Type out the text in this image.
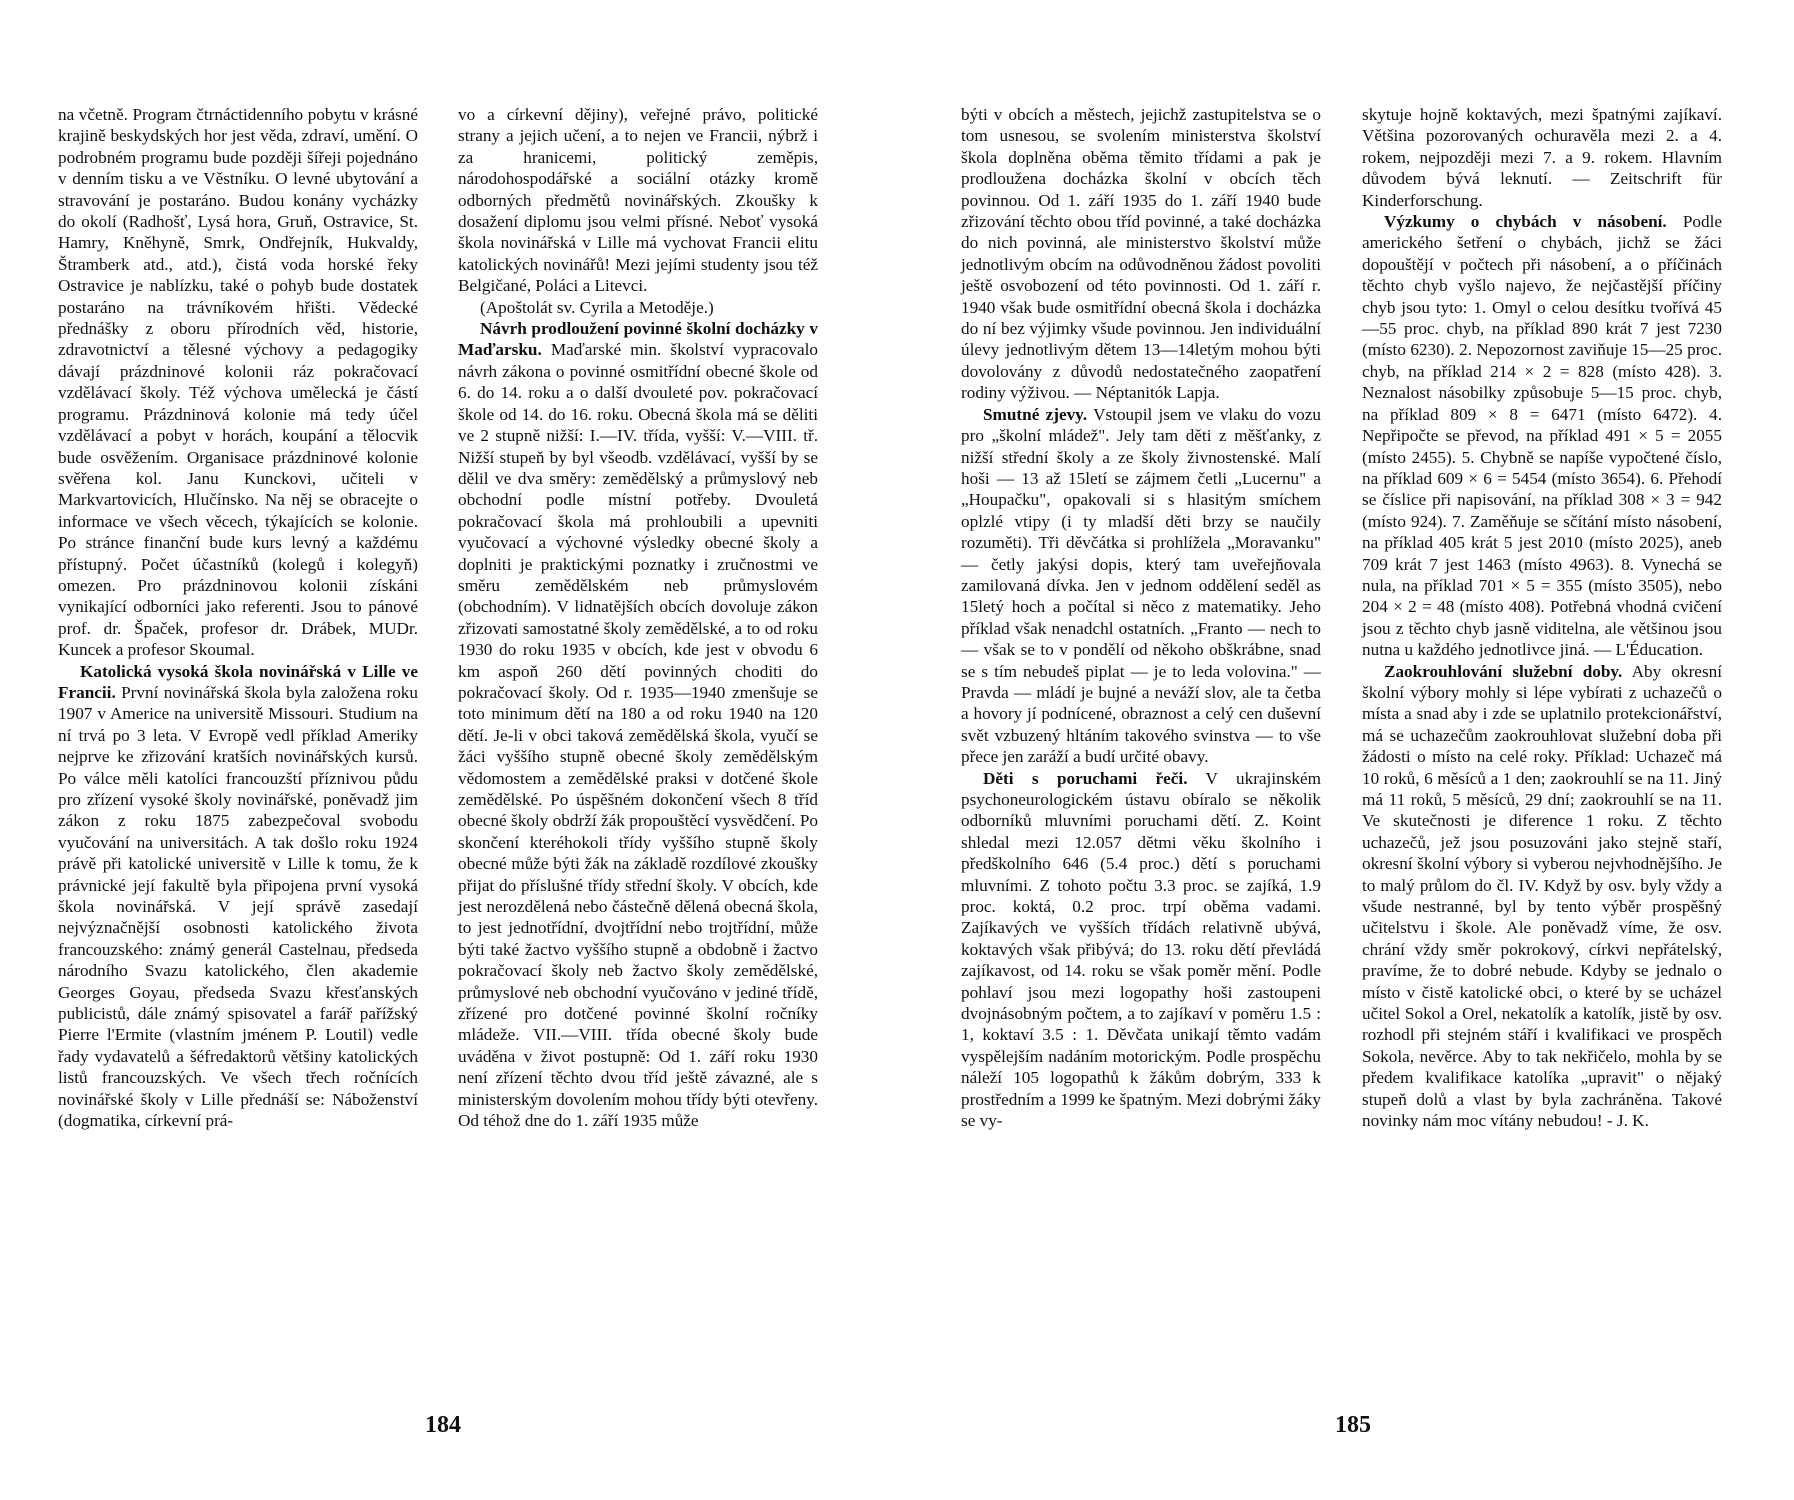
na včetně. Program čtrnáctidenního pobytu v krásné krajině beskydských hor jest věda, zdraví, umění. O podrobném programu bude později šířeji pojednáno v denním tisku a ve Věstníku. O levné ubytování a stravování je postaráno. Budou konány vycházky do okolí (Radhošť, Lysá hora, Gruň, Ostravice, St. Hamry, Kněhyně, Smrk, Ondřejník, Hukvaldy, Štramberk atd., atd.), čistá voda horské řeky Ostravice je nablízku, také o pohyb bude dostatek postaráno na trávníkovém hřišti. Vědecké přednášky z oboru přírodních věd, historie, zdravotnictví a tělesné výchovy a pedagogiky dávají prázdninové kolonii ráz pokračovací vzdělávací školy. Též výchova umělecká je částí programu. Prázdninová kolonie má tedy účel vzdělávací a pobyt v horách, koupání a tělocvik bude osvěžením. Organisace prázdninové kolonie svěřena kol. Janu Kunckovi, učiteli v Markvartovicích, Hlučínsko. Na něj se obracejte o informace ve všech věcech, týkajících se kolonie. Po stránce finanční bude kurs levný a každému přístupný. Počet účastníků (kolegů i kolegyň) omezen. Pro prázdninovou kolonii získáni vynikající odborníci jako referenti. Jsou to pánové prof. dr. Špaček, profesor dr. Drábek, MUDr. Kuncek a profesor Skoumal.

Katolická vysoká škola novinářská v Lille ve Francii. První novinářská škola byla založena roku 1907 v Americe na universitě Missouri. Studium na ní trvá po 3 leta. V Evropě vedl příklad Ameriky nejprve ke zřizování kratších novinářských kursů. Po válce měli katolíci francouzští příznivou půdu pro zřízení vysoké školy novinářské, poněvadž jim zákon z roku 1875 zabezpečoval svobodu vyučování na universitách. A tak došlo roku 1924 právě při katolické universitě v Lille k tomu, že k právnické její fakultě byla připojena první vysoká škola novinářská. V její správě zasedají nejvýznačnější osobnosti katolického života francouzského: známý generál Castelnau, předseda národního Svazu katolického, člen akademie Georges Goyau, předseda Svazu křesťanských publicistů, dále známý spisovatel a farář pařížský Pierre l'Ermite (vlastním jménem P. Loutil) vedle řady vydavatelů a šéfredaktorů většiny katolických listů francouzských. Ve všech třech ročnících novinářské školy v Lille přednáší se: Náboženství (dogmatika, církevní prá-

vo a církevní dějiny), veřejné právo, politické strany a jejich učení, a to nejen ve Francii, nýbrž i za hranicemi, politický zeměpis, národohospodářské a sociální otázky kromě odborných předmětů novinářských. Zkoušky k dosažení diplomu jsou velmi přísné. Neboť vysoká škola novinářská v Lille má vychovat Francii elitu katolických novinářů! Mezi jejími studenty jsou též Belgičané, Poláci a Litevci.

(Apoštolát sv. Cyrila a Metoděje.)

Návrh prodloužení povinné školní docházky v Maďarsku. Maďarské min. školství vypracovalo návrh zákona o povinné osmitřídní obecné škole od 6. do 14. roku a o další dvouleté pov. pokračovací škole od 14. do 16. roku. Obecná škola má se děliti ve 2 stupně nižší: I.—IV. třída, vyšší: V.—VIII. tř. Nižší stupeň by byl všeodb. vzdělávací, vyšší by se dělil ve dva směry: zemědělský a průmyslový neb obchodní podle místní potřeby. Dvouletá pokračovací škola má prohloubili a upevniti vyučovací a výchovné výsledky obecné školy a doplniti je praktickými poznatky i zručnostmi ve směru zemědělském neb průmyslovém (obchodním). V lidnatějších obcích dovoluje zákon zřizovati samostatné školy zemědělské, a to od roku 1930 do roku 1935 v obcích, kde jest v obvodu 6 km aspoň 260 dětí povinných choditi do pokračovací školy. Od r. 1935—1940 zmenšuje se toto minimum dětí na 180 a od roku 1940 na 120 dětí. Je-li v obci taková zemědělská škola, vyučí se žáci vyššího stupně obecné školy zemědělským vědomostem a zemědělské praksi v dotčené škole zemědělské. Po úspěšném dokončení všech 8 tříd obecné školy obdrží žák propouštěcí vysvědčení. Po skončení kteréhokoli třídy vyššího stupně školy obecné může býti žák na základě rozdílové zkoušky přijat do příslušné třídy střední školy. V obcích, kde jest nerozdělená nebo částečně dělená obecná škola, to jest jednotřídní, dvojtřídní nebo trojtřídní, může býti také žactvo vyššího stupně a obdobně i žactvo pokračovací školy neb žactvo školy zemědělské, průmyslové neb obchodní vyučováno v jediné třídě, zřízené pro dotčené povinné školní ročníky mládeže. VII.—VIII. třída obecné školy bude uváděna v život postupně: Od 1. září roku 1930 není zřízení těchto dvou tříd ještě závazné, ale s ministerským dovolením mohou třídy býti otevřeny. Od téhož dne do 1. září 1935 může

184

býti v obcích a městech, jejichž zastupitelstva se o tom usnesou, se svolením ministerstva školství škola doplněna oběma těmito třídami a pak je prodloužena docházka školní v obcích těch povinnou. Od 1. září 1935 do 1. září 1940 bude zřizování těchto obou tříd povinné, a také docházka do nich povinná, ale ministerstvo školství může jednotlivým obcím na odůvodněnou žádost povoliti ještě osvobození od této povinnosti. Od 1. září r. 1940 však bude osmitřídní obecná škola i docházka do ní bez výjimky všude povinnou. Jen individuální úlevy jednotlivým dětem 13—14letým mohou býti dovolovány z důvodů nedostatečného zaopatření rodiny výživou. — Néptanitók Lapja.

Smutné zjevy. Vstoupil jsem ve vlaku do vozu pro „školní mládež". Jely tam děti z měšťanky, z nižší střední školy a ze školy živnostenské. Malí hoši — 13 až 15letí se zájmem četli „Lucernu" a „Houpačku", opakovali si s hlasitým smíchem oplzlé vtipy (i ty mladší děti brzy se naučily rozuměti). Tři děvčátka si prohlížela „Moravanku" — četly jakýsi dopis, který tam uveřejňovala zamilovaná dívka. Jen v jednom oddělení seděl as 15letý hoch a počítal si něco z matematiky. Jeho příklad však nenadchl ostatních. „Franto — nech to — však se to v pondělí od někoho obškrábne, snad se s tím nebudeš piplat — je to leda volovina." — Pravda — mládí je bujné a neváží slov, ale ta četba a hovory jí podnícené, obraznost a celý cen duševní svět vzbuzený hltáním takového svinstva — to vše přece jen zaráží a budí určité obavy.

Děti s poruchami řeči. V ukrajinském psychoneurologickém ústavu obíralo se několik odborníků mluvními poruchami dětí. Z. Koint shledal mezi 12.057 dětmi věku školního i předškolního 646 (5.4 proc.) dětí s poruchami mluvními. Z tohoto počtu 3.3 proc. se zajíká, 1.9 proc. koktá, 0.2 proc. trpí oběma vadami. Zajíkavých ve vyšších třídách relativně ubývá, koktavých však přibývá; do 13. roku dětí převládá zajíkavost, od 14. roku se však poměr mění. Podle pohlaví jsou mezi logopathy hoši zastoupeni dvojnásobným počtem, a to zajíkaví v poměru 1.5 : 1, koktaví 3.5 : 1. Děvčata unikají těmto vadám vyspělejším nadáním motorickým. Podle prospěchu náleží 105 logopathů k žákům dobrým, 333 k prostředním a 1999 ke špatným. Mezi dobrými žáky se vy-

skytuje hojně koktavých, mezi špatnými zajíkaví. Většina pozorovaných ochuravěla mezi 2. a 4. rokem, nejpozději mezi 7. a 9. rokem. Hlavním důvodem bývá leknutí. — Zeitschrift für Kinderforschung.

Výzkumy o chybách v násobení. Podle amerického šetření o chybách, jichž se žáci dopouštějí v počtech při násobení, a o příčinách těchto chyb vyšlo najevo, že nejčastější příčiny chyb jsou tyto: 1. Omyl o celou desítku tvořívá 45—55 proc. chyb, na příklad 890 krát 7 jest 7230 (místo 6230). 2. Nepozornost zaviňuje 15—25 proc. chyb, na příklad 214 × 2 = 828 (místo 428). 3. Neznalost násobilky způsobuje 5—15 proc. chyb, na příklad 809 × 8 = 6471 (místo 6472). 4. Nepřipočte se převod, na příklad 491 × 5 = 2055 (místo 2455). 5. Chybně se napíše vypočtené číslo, na příklad 609 × 6 = 5454 (místo 3654). 6. Přehodí se číslice při napisování, na příklad 308 × 3 = 942 (místo 924). 7. Zaměňuje se sčítání místo násobení, na příklad 405 krát 5 jest 2010 (místo 2025), aneb 709 krát 7 jest 1463 (místo 4963). 8. Vynechá se nula, na příklad 701 × 5 = 355 (místo 3505), nebo 204 × 2 = 48 (místo 408). Potřebná vhodná cvičení jsou z těchto chyb jasně viditelna, ale většinou jsou nutna u každého jednotlivce jiná. — L'Éducation.

Zaokrouhlování služební doby. Aby okresní školní výbory mohly si lépe vybírati z uchazečů o místa a snad aby i zde se uplatnilo protekcionářství, má se uchazečům zaokrouhlovat služební doba při žádosti o místo na celé roky. Příklad: Uchazeč má 10 roků, 6 měsíců a 1 den; zaokrouhlí se na 11. Jiný má 11 roků, 5 měsíců, 29 dní; zaokrouhlí se na 11. Ve skutečnosti je diference 1 roku. Z těchto uchazečů, jež jsou posuzováni jako stejně staří, okresní školní výbory si vyberou nejvhodnějšího. Je to malý průlom do čl. IV. Když by osv. byly vždy a všude nestranné, byl by tento výběr prospěšný učitelstvu i škole. Ale poněvadž víme, že osv. chrání vždy směr pokrokový, církvi nepřátelský, pravíme, že to dobré nebude. Kdyby se jednalo o místo v čistě katolické obci, o které by se ucházel učitel Sokol a Orel, nekatolík a katolík, jistě by osv. rozhodl při stejném stáří i kvalifikaci ve prospěch Sokola, nevěrce. Aby to tak nekřičelo, mohla by se předem kvalifikace katolíka „upravit" o nějaký stupeň dolů a vlast by byla zachráněna. Takové novinky nám moc vítány nebudou! - J. K.

185
